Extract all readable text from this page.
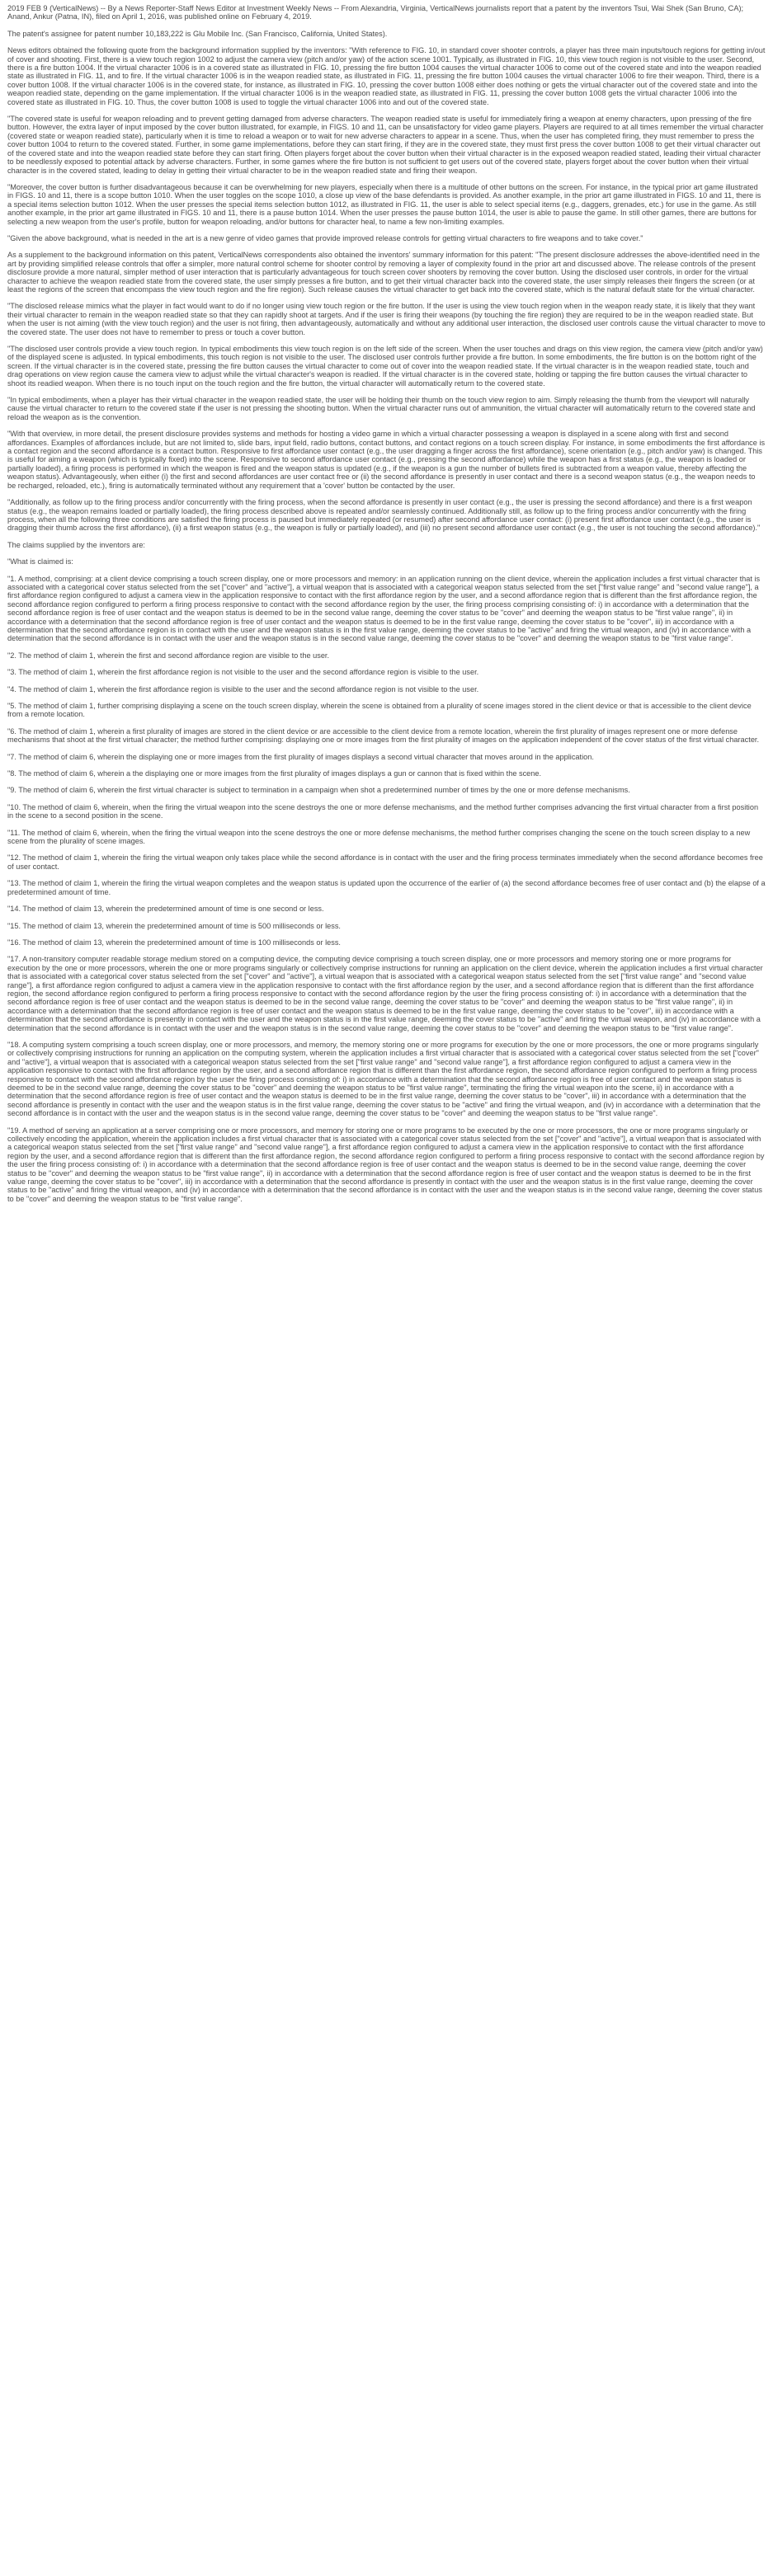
2019 FEB 9 (VerticalNews) -- By a News Reporter-Staff News Editor at Investment Weekly News -- From Alexandria, Virginia, VerticalNews journalists report that a patent by the inventors Tsui, Wai Shek (San Bruno, CA); Anand, Ankur (Patna, IN), filed on April 1, 2016, was published online on February 4, 2019.

The patent's assignee for patent number 10,183,222 is Glu Mobile Inc. (San Francisco, California, United States).

News editors obtained the following quote from the background information supplied by the inventors: "With reference to FIG. 10, in standard cover shooter controls, a player has three main inputs/touch regions for getting in/out of cover and shooting. First, there is a view touch region 1002 to adjust the camera view (pitch and/or yaw) of the action scene 1001. Typically, as illustrated in FIG. 10, this view touch region is not visible to the user. Second, there is a fire button 1004. If the virtual character 1006 is in a covered state as illustrated in FIG. 10, pressing the fire button 1004 causes the virtual character 1006 to come out of the covered state and into the weapon readied state as illustrated in FIG. 11, and to fire. If the virtual character 1006 is in the weapon readied state, as illustrated in FIG. 11, pressing the fire button 1004 causes the virtual character 1006 to fire their weapon. Third, there is a cover button 1008. If the virtual character 1006 is in the covered state, for instance, as illustrated in FIG. 10, pressing the cover button 1008 either does nothing or gets the virtual character out of the covered state and into the weapon readied state, depending on the game implementation. If the virtual character 1006 is in the weapon readied state, as illustrated in FIG. 11, pressing the cover button 1008 gets the virtual character 1006 into the covered state as illustrated in FIG. 10. Thus, the cover button 1008 is used to toggle the virtual character 1006 into and out of the covered state.

"The covered state is useful for weapon reloading and to prevent getting damaged from adverse characters. The weapon readied state is useful for immediately firing a weapon at enemy characters, upon pressing of the fire button. However, the extra layer of input imposed by the cover button illustrated, for example, in FIGS. 10 and 11, can be unsatisfactory for video game players. Players are required to at all times remember the virtual character (covered state or weapon readied state), particularly when it is time to reload a weapon or to wait for new adverse characters to appear in a scene. Thus, when the user has completed firing, they must remember to press the cover button 1004 to return to the covered stated. Further, in some game implementations, before they can start firing, if they are in the covered state, they must first press the cover button 1008 to get their virtual character out of the covered state and into the weapon readied state before they can start firing. Often players forget about the cover button when their virtual character is in the exposed weapon readied stated, leading their virtual character to be needlessly exposed to potential attack by adverse characters. Further, in some games where the fire button is not sufficient to get users out of the covered state, players forget about the cover button when their virtual character is in the covered stated, leading to delay in getting their virtual character to be in the weapon readied state and firing their weapon.

"Moreover, the cover button is further disadvantageous because it can be overwhelming for new players, especially when there is a multitude of other buttons on the screen. For instance, in the typical prior art game illustrated in FIGS. 10 and 11, there is a scope button 1010. When the user toggles on the scope 1010, a close up view of the base defendants is provided. As another example, in the prior art game illustrated in FIGS. 10 and 11, there is a special items selection button 1012. When the user presses the special items selection button 1012, as illustrated in FIG. 11, the user is able to select special items (e.g., daggers, grenades, etc.) for use in the game. As still another example, in the prior art game illustrated in FIGS. 10 and 11, there is a pause button 1014. When the user presses the pause button 1014, the user is able to pause the game. In still other games, there are buttons for selecting a new weapon from the user's profile, button for weapon reloading, and/or buttons for character heal, to name a few non-limiting examples.

"Given the above background, what is needed in the art is a new genre of video games that provide improved release controls for getting virtual characters to fire weapons and to take cover."

As a supplement to the background information on this patent, VerticalNews correspondents also obtained the inventors' summary information for this patent: "The present disclosure addresses the above-identified need in the art by providing simplified release controls that offer a simpler, more natural control scheme for shooter control by removing a layer of complexity found in the prior art and discussed above. The release controls of the present disclosure provide a more natural, simpler method of user interaction that is particularly advantageous for touch screen cover shooters by removing the cover button. Using the disclosed user controls, in order for the virtual character to achieve the weapon readied state from the covered state, the user simply presses a fire button, and to get their virtual character back into the covered state, the user simply releases their fingers the screen (or at least the regions of the screen that encompass the view touch region and the fire region). Such release causes the virtual character to get back into the covered state, which is the natural default state for the virtual character.

"The disclosed release mimics what the player in fact would want to do if no longer using view touch region or the fire button. If the user is using the view touch region when in the weapon ready state, it is likely that they want their virtual character to remain in the weapon readied state so that they can rapidly shoot at targets. And if the user is firing their weapons (by touching the fire region) they are required to be in the weapon readied state. But when the user is not aiming (with the view touch region) and the user is not firing, then advantageously, automatically and without any additional user interaction, the disclosed user controls cause the virtual character to move to the covered state. The user does not have to remember to press or touch a cover button.

"The disclosed user controls provide a view touch region. In typical embodiments this view touch region is on the left side of the screen. When the user touches and drags on this view region, the camera view (pitch and/or yaw) of the displayed scene is adjusted. In typical embodiments, this touch region is not visible to the user. The disclosed user controls further provide a fire button. In some embodiments, the fire button is on the bottom right of the screen. If the virtual character is in the covered state, pressing the fire button causes the virtual character to come out of cover into the weapon readied state. If the virtual character is in the weapon readied state, touch and drag operations on view region cause the camera view to adjust while the virtual character's weapon is readied. If the virtual character is in the covered state, holding or tapping the fire button causes the virtual character to shoot its readied weapon. When there is no touch input on the touch region and the fire button, the virtual character will automatically return to the covered state.

"In typical embodiments, when a player has their virtual character in the weapon readied state, the user will be holding their thumb on the touch view region to aim. Simply releasing the thumb from the viewport will naturally cause the virtual character to return to the covered state if the user is not pressing the shooting button. When the virtual character runs out of ammunition, the virtual character will automatically return to the covered state and reload the weapon as is the convention.

"With that overview, in more detail, the present disclosure provides systems and methods for hosting a video game in which a virtual character possessing a weapon is displayed in a scene along with first and second affordances. Examples of affordances include, but are not limited to, slide bars, input field, radio buttons, contact buttons, and contact regions on a touch screen display. For instance, in some embodiments the first affordance is a contact region and the second affordance is a contact button. Responsive to first affordance user contact (e.g., the user dragging a finger across the first affordance), scene orientation (e.g., pitch and/or yaw) is changed. This is useful for aiming a weapon (which is typically fixed) into the scene. Responsive to second affordance user contact (e.g., pressing the second affordance) while the weapon has a first status (e.g., the weapon is loaded or partially loaded), a firing process is performed in which the weapon is fired and the weapon status is updated (e.g., if the weapon is a gun the number of bullets fired is subtracted from a weapon value, thereby affecting the weapon status). Advantageously, when either (i) the first and second affordances are user contact free or (ii) the second affordance is presently in user contact and there is a second weapon status (e.g., the weapon needs to be recharged, reloaded, etc.), firing is automatically terminated without any requirement that a 'cover' button be contacted by the user.

"Additionally, as follow up to the firing process and/or concurrently with the firing process, when the second affordance is presently in user contact (e.g., the user is pressing the second affordance) and there is a first weapon status (e.g., the weapon remains loaded or partially loaded), the firing process described above is repeated and/or seamlessly continued. Additionally still, as follow up to the firing process and/or concurrently with the firing process, when all the following three conditions are satisfied the firing process is paused but immediately repeated (or resumed) after second affordance user contact: (i) present first affordance user contact (e.g., the user is dragging their thumb across the first affordance), (ii) a first weapon status (e.g., the weapon is fully or partially loaded), and (iii) no present second affordance user contact (e.g., the user is not touching the second affordance)."

The claims supplied by the inventors are:

"What is claimed is:

"1. A method, comprising: at a client device comprising a touch screen display, one or more processors and memory: in an application running on the client device, wherein the application includes a first virtual character that is associated with a categorical cover status selected from the set ["cover" and "active"], a virtual weapon that is associated with a categorical weapon status selected from the set ["first value range" and "second value range"], a first affordance region configured to adjust a camera view in the application responsive to contact with the first affordance region by the user, and a second affordance region that is different than the first affordance region, the second affordance region configured to perform a firing process responsive to contact with the second affordance region by the user, the firing process comprising consisting of: i) in accordance with a determination that the second affordance region is free of user contact and the weapon status is deemed to be in the second value range, deeming the cover status to be "cover" and deeming the weapon status to be "first value range", ii) in accordance with a determination that the second affordance region is free of user contact and the weapon status is deemed to be in the first value range, deeming the cover status to be "cover", iii) in accordance with a determination that the second affordance region is in contact with the user and the weapon status is in the first value range, deeming the cover status to be "active" and firing the virtual weapon, and (iv) in accordance with a determination that the second affordance is in contact with the user and the weapon status is in the second value range, deeming the cover status to be "cover" and deeming the weapon status to be "first value range".

"2. The method of claim 1, wherein the first and second affordance region are visible to the user.

"3. The method of claim 1, wherein the first affordance region is not visible to the user and the second affordance region is visible to the user.

"4. The method of claim 1, wherein the first affordance region is visible to the user and the second affordance region is not visible to the user.

"5. The method of claim 1, further comprising displaying a scene on the touch screen display, wherein the scene is obtained from a plurality of scene images stored in the client device or that is accessible to the client device from a remote location.

"6. The method of claim 1, wherein a first plurality of images are stored in the client device or are accessible to the client device from a remote location, wherein the first plurality of images represent one or more defense mechanisms that shoot at the first virtual character; the method further comprising: displaying one or more images from the first plurality of images on the application independent of the cover status of the first virtual character.

"7. The method of claim 6, wherein the displaying one or more images from the first plurality of images displays a second virtual character that moves around in the application.

"8. The method of claim 6, wherein a the displaying one or more images from the first plurality of images displays a gun or cannon that is fixed within the scene.

"9. The method of claim 6, wherein the first virtual character is subject to termination in a campaign when shot a predetermined number of times by the one or more defense mechanisms.

"10. The method of claim 6, wherein, when the firing the virtual weapon into the scene destroys the one or more defense mechanisms, and the method further comprises advancing the first virtual character from a first position in the scene to a second position in the scene.

"11. The method of claim 6, wherein, when the firing the virtual weapon into the scene destroys the one or more defense mechanisms, the method further comprises changing the scene on the touch screen display to a new scene from the plurality of scene images.

"12. The method of claim 1, wherein the firing the virtual weapon only takes place while the second affordance is in contact with the user and the firing process terminates immediately when the second affordance becomes free of user contact.

"13. The method of claim 1, wherein the firing the virtual weapon completes and the weapon status is updated upon the occurrence of the earlier of (a) the second affordance becomes free of user contact and (b) the elapse of a predetermined amount of time.

"14. The method of claim 13, wherein the predetermined amount of time is one second or less.

"15. The method of claim 13, wherein the predetermined amount of time is 500 milliseconds or less.

"16. The method of claim 13, wherein the predetermined amount of time is 100 milliseconds or less.

"17. A non-transitory computer readable storage medium stored on a computing device, the computing device comprising a touch screen display, one or more processors and memory storing one or more programs for execution by the one or more processors, wherein the one or more programs singularly or collectively comprise instructions for running an application on the client device, wherein the application includes a first virtual character that is associated with a categorical cover status selected from the set ["cover" and "active"], a virtual weapon that is associated with a categorical weapon status selected from the set ["first value range" and "second value range"], a first affordance region configured to adjust a camera view in the application responsive to contact with the first affordance region by the user, and a second affordance region that is different than the first affordance region, the second affordance region configured to perform a firing process responsive to contact with the second affordance region by the user the firing process consisting of: i) in accordance with a determination that the second affordance region is free of user contact and the weapon status is deemed to be in the second value range, deeming the cover status to be "cover" and deeming the weapon status to be "first value range", ii) in accordance with a determination that the second affordance region is free of user contact and the weapon status is deemed to be in the first value range, deeming the cover status to be "cover", iii) in accordance with a determination that the second affordance is presently in contact with the user and the weapon status is in the first value range, deeming the cover status to be "active" and firing the virtual weapon, and (iv) in accordance with a determination that the second affordance is in contact with the user and the weapon status is in the second value range, deeming the cover status to be "cover" and deeming the weapon status to be "first value range".

"18. A computing system comprising a touch screen display, one or more processors, and memory, the memory storing one or more programs for execution by the one or more processors, the one or more programs singularly or collectively comprising instructions for running an application on the computing system, wherein the application includes a first virtual character that is associated with a categorical cover status selected from the set ["cover" and "active"], a virtual weapon that is associated with a categorical weapon status selected from the set ["first value range" and "second value range"], a first affordance region configured to adjust a camera view in the application responsive to contact with the first affordance region by the user, and a second affordance region that is different than the first affordance region, the second affordance region configured to perform a firing process responsive to contact with the second affordance region by the user the firing process consisting of: i) in accordance with a determination that the second affordance region is free of user contact and the weapon status is deemed to be in the second value range, deeming the cover status to be "cover" and deeming the weapon status to be "first value range", terminating the firing the virtual weapon into the scene, ii) in accordance with a determination that the second affordance region is free of user contact and the weapon status is deemed to be in the first value range, deeming the cover status to be "cover", iii) in accordance with a determination that the second affordance is presently in contact with the user and the weapon status is in the first value range, deeming the cover status to be "active" and firing the virtual weapon, and (iv) in accordance with a determination that the second affordance is in contact with the user and the weapon status is in the second value range, deeming the cover status to be "cover" and deeming the weapon status to be "first value range".

"19. A method of serving an application at a server comprising one or more processors, and memory for storing one or more programs to be executed by the one or more processors, the one or more programs singularly or collectively encoding the application, wherein the application includes a first virtual character that is associated with a categorical cover status selected from the set ["cover" and "active"], a virtual weapon that is associated with a categorical weapon status selected from the set ["first value range" and "second value range"], a first affordance region configured to adjust a camera view in the application responsive to contact with the first affordance region by the user, and a second affordance region that is different than the first affordance region, the second affordance region configured to perform a firing process responsive to contact with the second affordance region by the user the firing process consisting of: i) in accordance with a determination that the second affordance region is free of user contact and the weapon status is deemed to be in the second value range, deeming the cover status to be "cover" and deeming the weapon status to be "first value range", ii) in accordance with a determination that the second affordance region is free of user contact and the weapon status is deemed to be in the first value range, deeming the cover status to be "cover", iii) in accordance with a determination that the second affordance is presently in contact with the user and the weapon status is in the first value range, deeming the cover status to be "active" and firing the virtual weapon, and (iv) in accordance with a determination that the second affordance is in contact with the user and the weapon status is in the second value range, deeming the cover status to be "cover" and deeming the weapon status to be "first value range".
